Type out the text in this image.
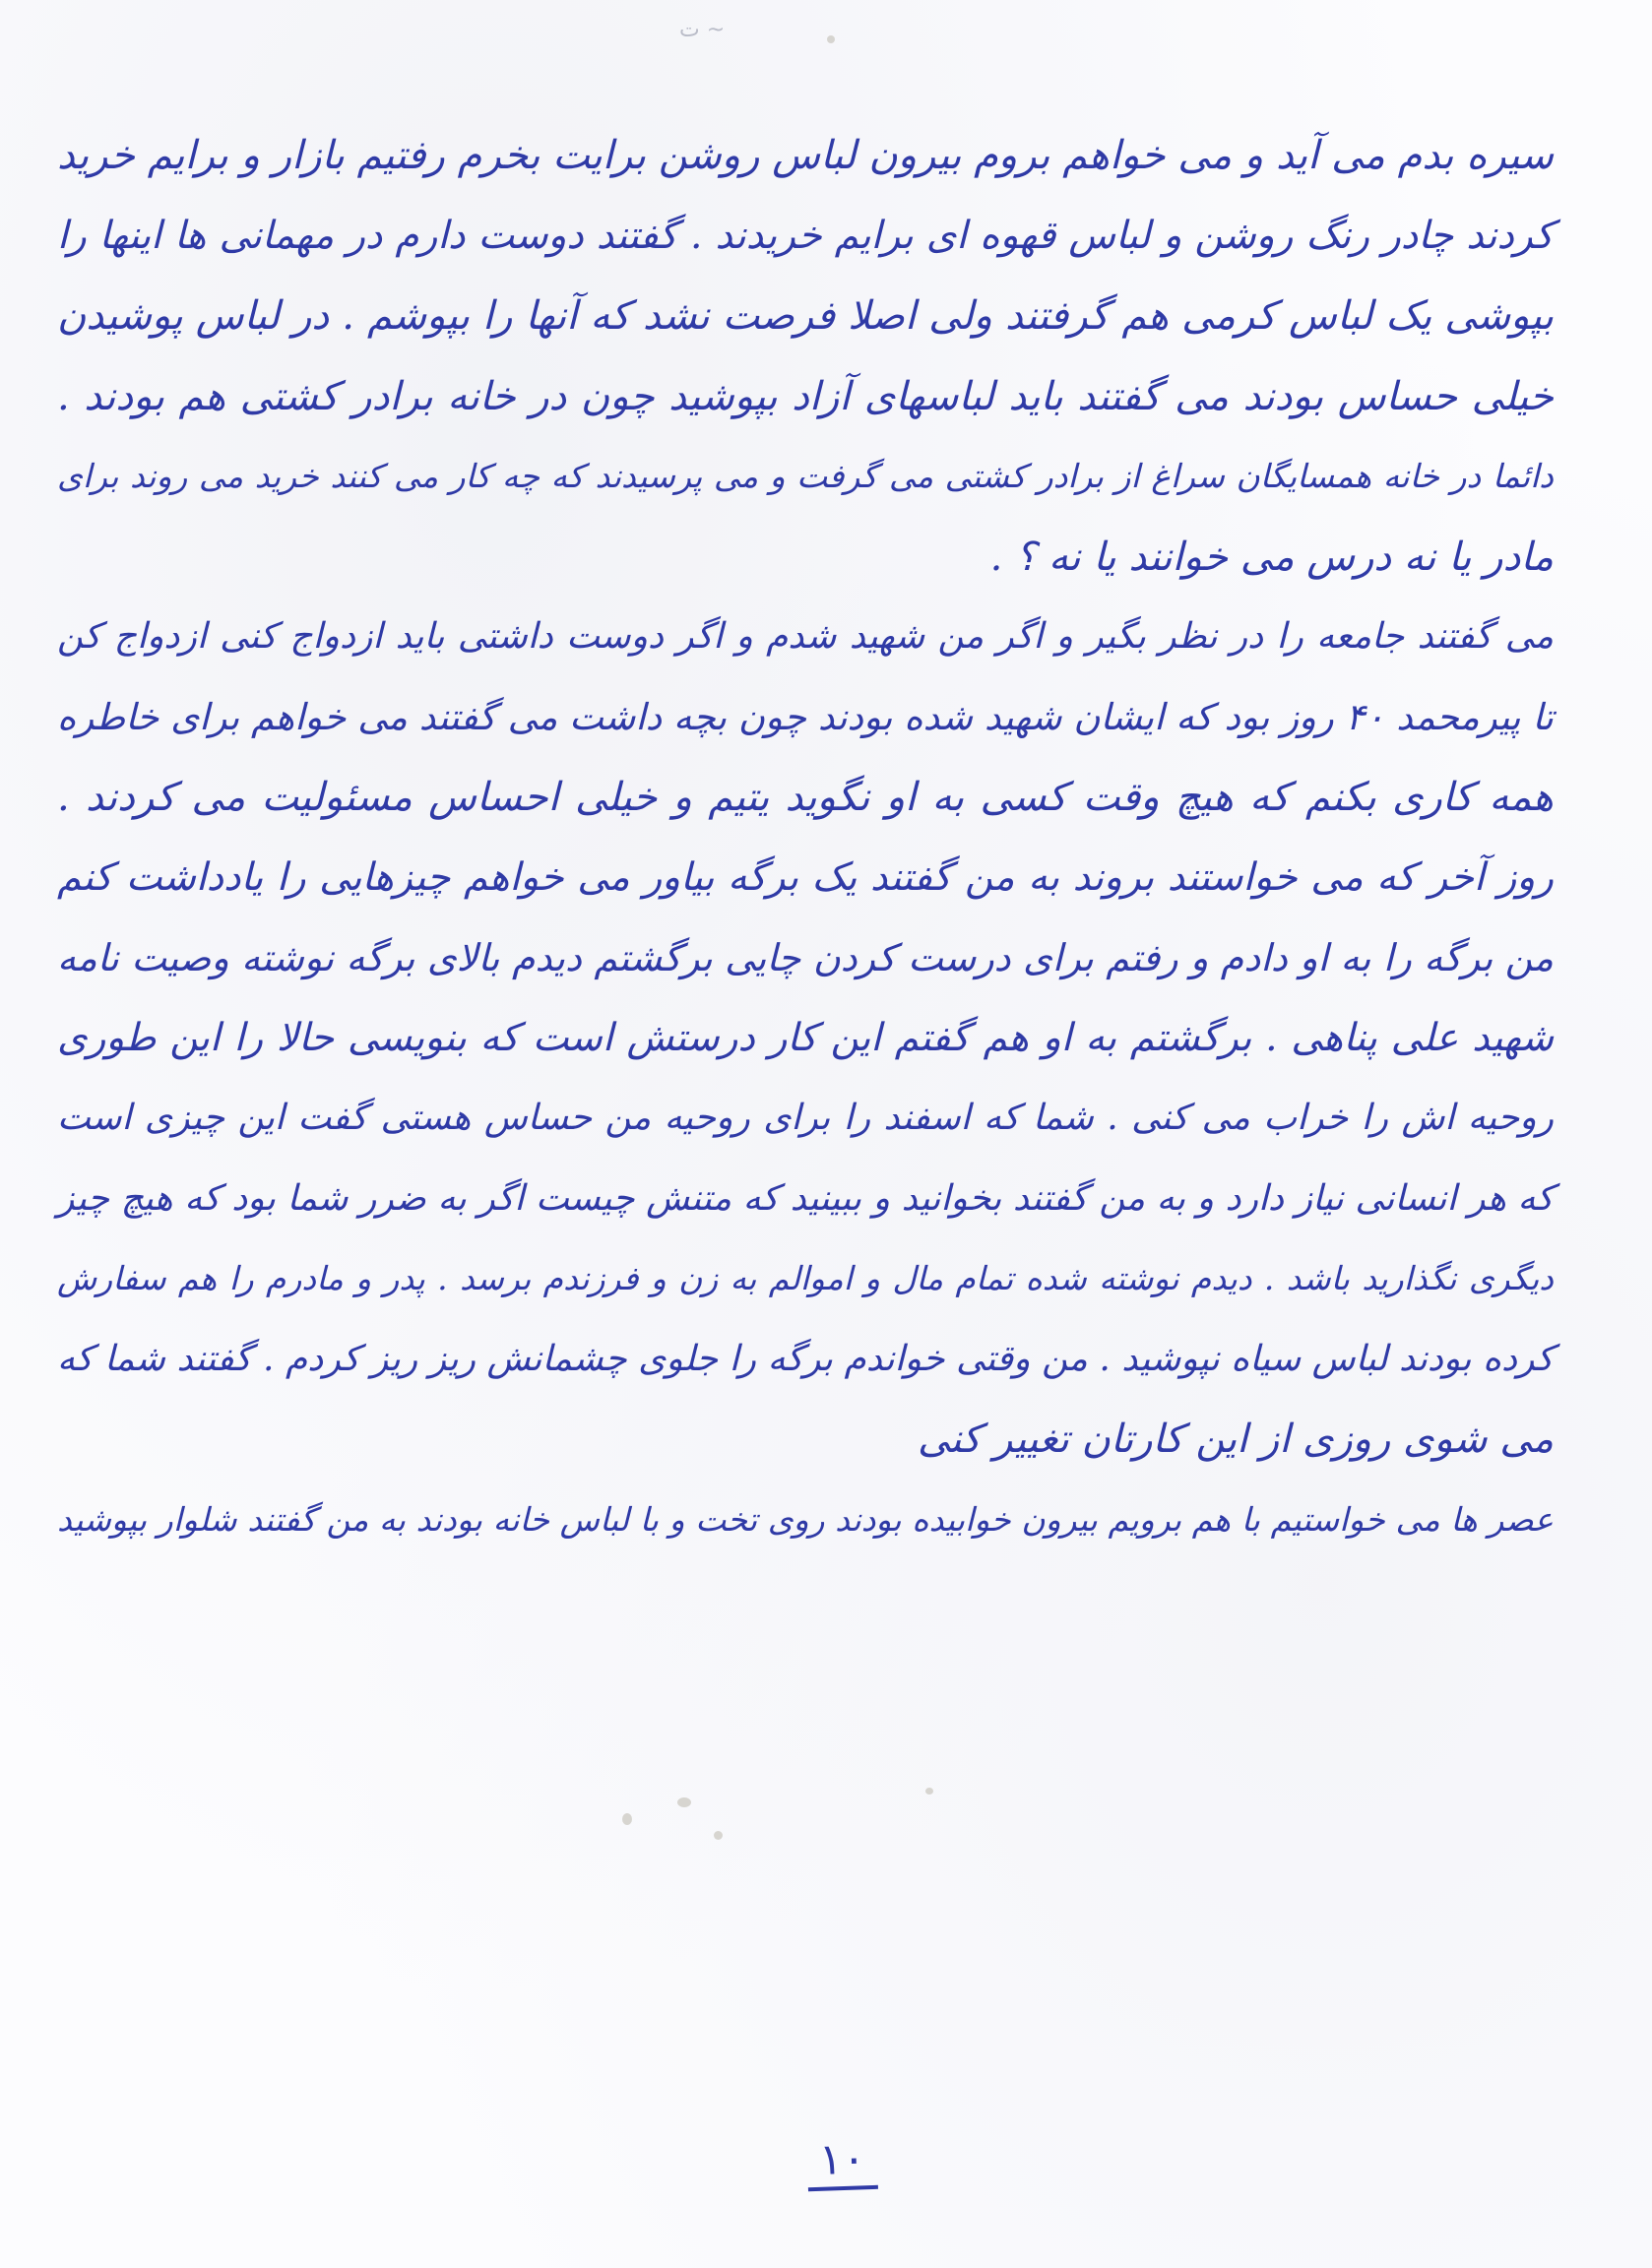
ت ~
سیره بدم می آید و می خواهم بروم بیرون لباس روشن برایت بخرم رفتیم بازار و برایم خرید
کردند چادر رنگ روشن و لباس قهوه ای برایم خریدند . گفتند دوست دارم در مهمانی ها اینها را
بپوشی یک لباس کرمی هم گرفتند ولی اصلا فرصت نشد که آنها را بپوشم . در لباس پوشیدن
خیلی حساس بودند می گفتند باید لباسهای آزاد بپوشید چون در خانه برادر کشتی هم بودند .
دائما در خانه همسایگان سراغ از برادر کشتی می گرفت و می پرسیدند که چه کار می کنند خرید می روند برای
مادر یا نه درس می خوانند یا نه ؟ .
می گفتند جامعه را در نظر بگیر و اگر من شهید شدم و اگر دوست داشتی باید ازدواج کنی ازدواج کن
تا پیرمحمد ۴۰ روز بود که ایشان شهید شده بودند چون بچه داشت می گفتند می خواهم برای خاطره
همه کاری بکنم که هیچ وقت کسی به او نگوید یتیم و خیلی احساس مسئولیت می کردند .
روز آخر که می خواستند بروند به من گفتند یک برگه بیاور می خواهم چیزهایی را یادداشت کنم
من برگه را به او دادم و رفتم برای درست کردن چایی برگشتم دیدم بالای برگه نوشته وصیت نامه
شهید علی پناهی . برگشتم به او هم گفتم این کار درستش است که بنویسی حالا را این طوری
روحیه اش را خراب می کنی . شما که اسفند را برای روحیه من حساس هستی گفت این چیزی است
که هر انسانی نیاز دارد و به من گفتند بخوانید و ببینید که متنش چیست اگر به ضرر شما بود که هیچ چیز
دیگری نگذارید باشد . دیدم نوشته شده تمام مال و اموالم به زن و فرزندم برسد . پدر و مادرم را هم سفارش
کرده بودند لباس سیاه نپوشید . من وقتی خواندم برگه را جلوی چشمانش ریز ریز کردم . گفتند شما که
می شوی روزی از این کارتان تغییر کنی
عصر ها می خواستیم با هم برویم بیرون خوابیده بودند روی تخت و با لباس خانه بودند به من گفتند شلوار بپوشید
۱۰
